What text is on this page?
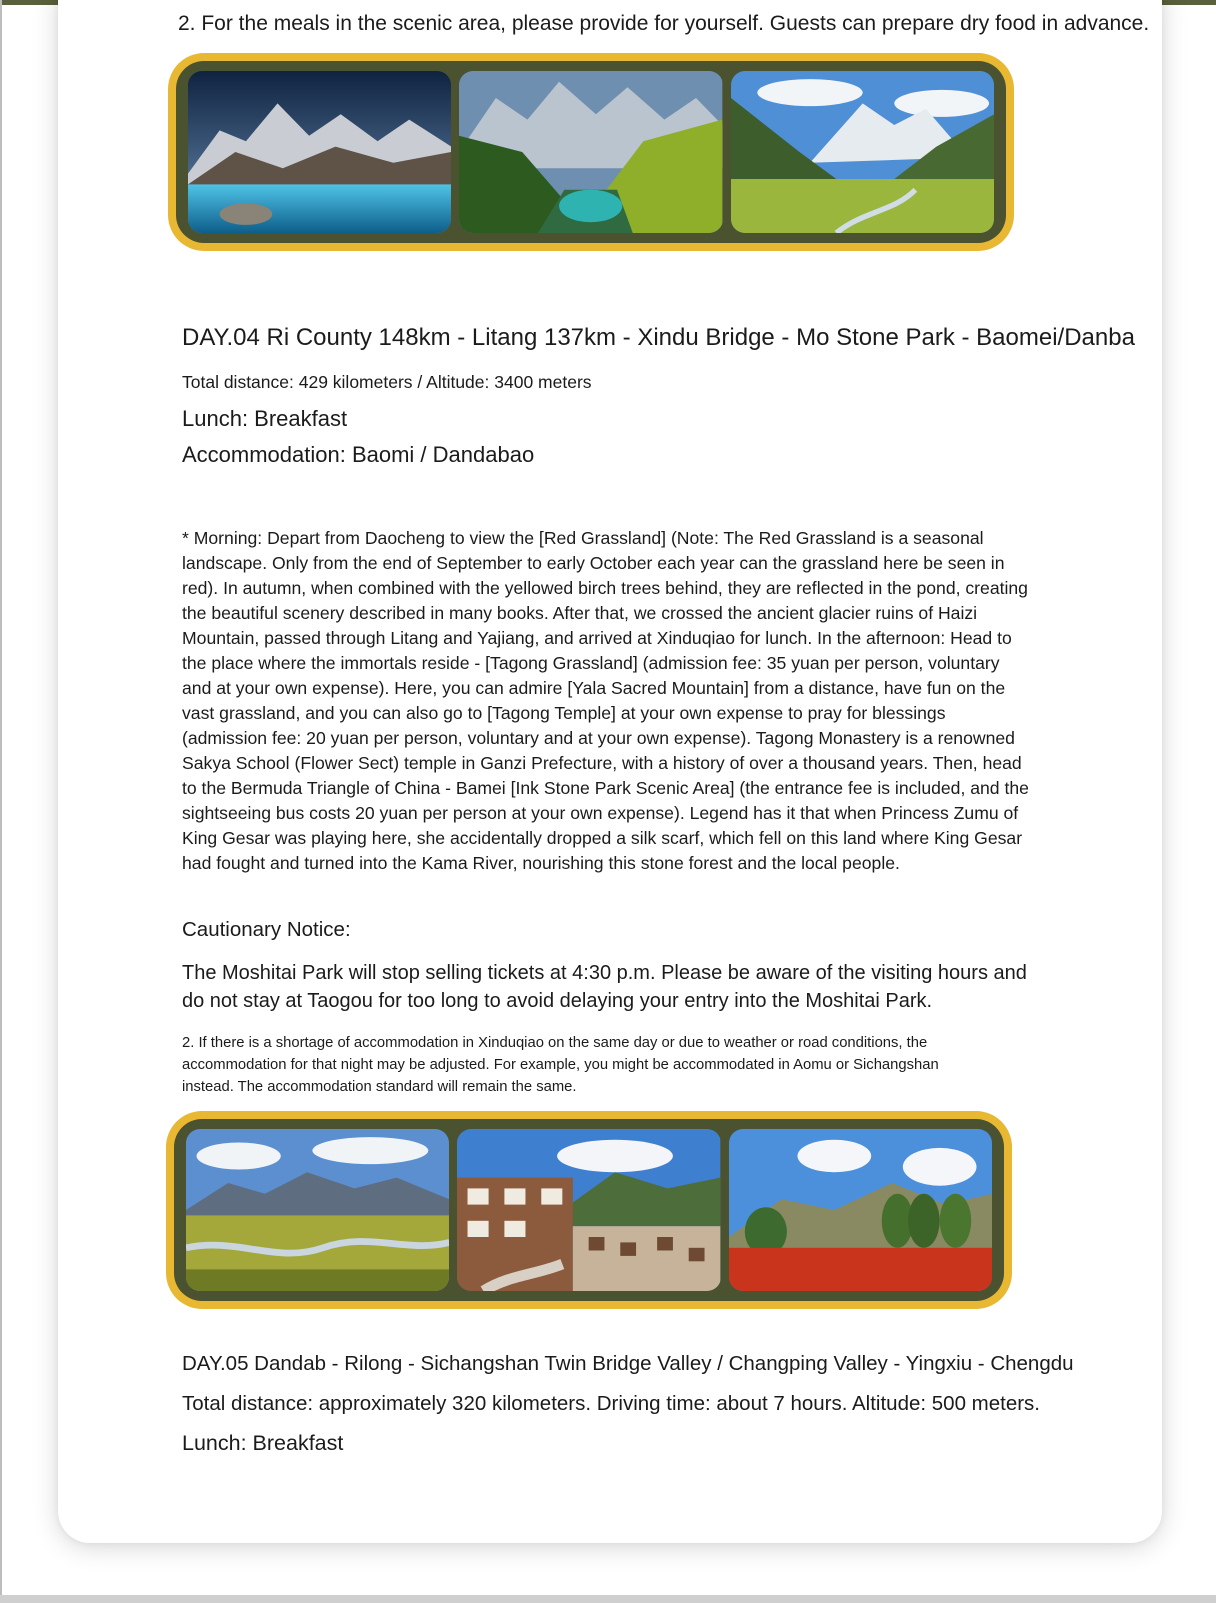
2. For the meals in the scenic area, please provide for yourself. Guests can prepare dry food in advance.

DAY.04 Ri County 148km - Litang 137km - Xindu Bridge - Mo Stone Park - Baomei/Danba

Total distance: 429 kilometers / Altitude: 3400 meters

Lunch: Breakfast

Accommodation: Baomi / Dandabao

* Morning: Depart from Daocheng to view the [Red Grassland] (Note: The Red Grassland is a seasonal landscape. Only from the end of September to early October each year can the grassland here be seen in red). In autumn, when combined with the yellowed birch trees behind, they are reflected in the pond, creating the beautiful scenery described in many books. After that, we crossed the ancient glacier ruins of Haizi Mountain, passed through Litang and Yajiang, and arrived at Xinduqiao for lunch. In the afternoon: Head to the place where the immortals reside - [Tagong Grassland] (admission fee: 35 yuan per person, voluntary and at your own expense). Here, you can admire [Yala Sacred Mountain] from a distance, have fun on the vast grassland, and you can also go to [Tagong Temple] at your own expense to pray for blessings (admission fee: 20 yuan per person, voluntary and at your own expense). Tagong Monastery is a renowned Sakya School (Flower Sect) temple in Ganzi Prefecture, with a history of over a thousand years. Then, head to the Bermuda Triangle of China - Bamei [Ink Stone Park Scenic Area] (the entrance fee is included, and the sightseeing bus costs 20 yuan per person at your own expense). Legend has it that when Princess Zumu of King Gesar was playing here, she accidentally dropped a silk scarf, which fell on this land where King Gesar had fought and turned into the Kama River, nourishing this stone forest and the local people.

Cautionary Notice:

The Moshitai Park will stop selling tickets at 4:30 p.m. Please be aware of the visiting hours and do not stay at Taogou for too long to avoid delaying your entry into the Moshitai Park.

2. If there is a shortage of accommodation in Xinduqiao on the same day or due to weather or road conditions, the accommodation for that night may be adjusted. For example, you might be accommodated in Aomu or Sichangshan instead. The accommodation standard will remain the same.

DAY.05 Dandab - Rilong - Sichangshan Twin Bridge Valley / Changping Valley - Yingxiu - Chengdu

Total distance: approximately 320 kilometers. Driving time: about 7 hours. Altitude: 500 meters.

Lunch: Breakfast
